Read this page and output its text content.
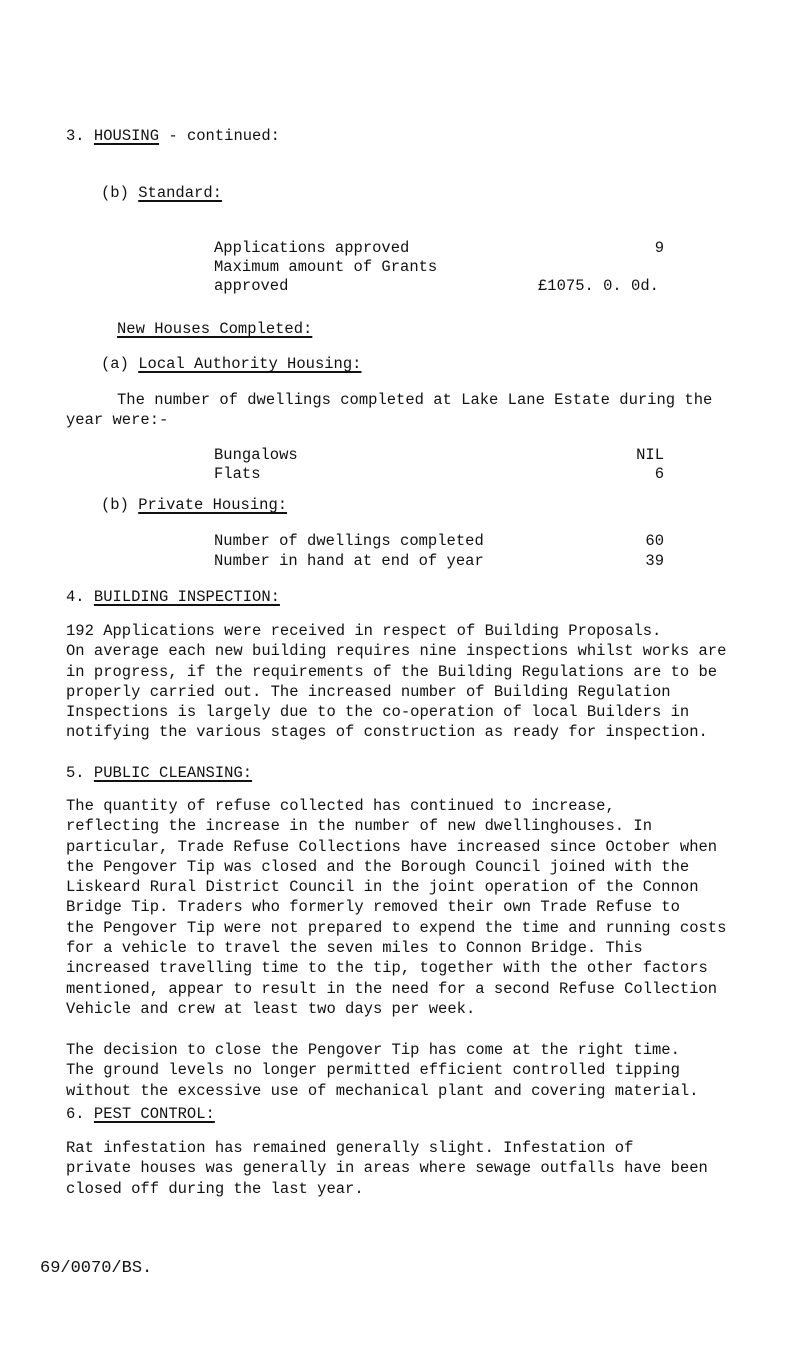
3. HOUSING - continued:
(b) Standard:
Applications approved	9
Maximum amount of Grants
approved	£1075. 0. 0d.
New Houses Completed:
(a) Local Authority Housing:
The number of dwellings completed at Lake Lane Estate during the
year were:-
Bungalows	NIL
Flats	6
(b) Private Housing:
Number of dwellings completed	60
Number in hand at end of year	39
4. BUILDING INSPECTION:
192 Applications were received in respect of Building Proposals.
On average each new building requires nine inspections whilst works are
in progress, if the requirements of the Building Regulations are to be
properly carried out. The increased number of Building Regulation
Inspections is largely due to the co-operation of local Builders in
notifying the various stages of construction as ready for inspection.
5. PUBLIC CLEANSING:
The quantity of refuse collected has continued to increase,
reflecting the increase in the number of new dwellinghouses. In
particular, Trade Refuse Collections have increased since October when
the Pengover Tip was closed and the Borough Council joined with the
Liskeard Rural District Council in the joint operation of the Connon
Bridge Tip. Traders who formerly removed their own Trade Refuse to
the Pengover Tip were not prepared to expend the time and running costs
for a vehicle to travel the seven miles to Connon Bridge. This
increased travelling time to the tip, together with the other factors
mentioned, appear to result in the need for a second Refuse Collection
Vehicle and crew at least two days per week.
The decision to close the Pengover Tip has come at the right time.
The ground levels no longer permitted efficient controlled tipping
without the excessive use of mechanical plant and covering material.
6. PEST CONTROL:
Rat infestation has remained generally slight. Infestation of
private houses was generally in areas where sewage outfalls have been
closed off during the last year.
69/0070/BS.
